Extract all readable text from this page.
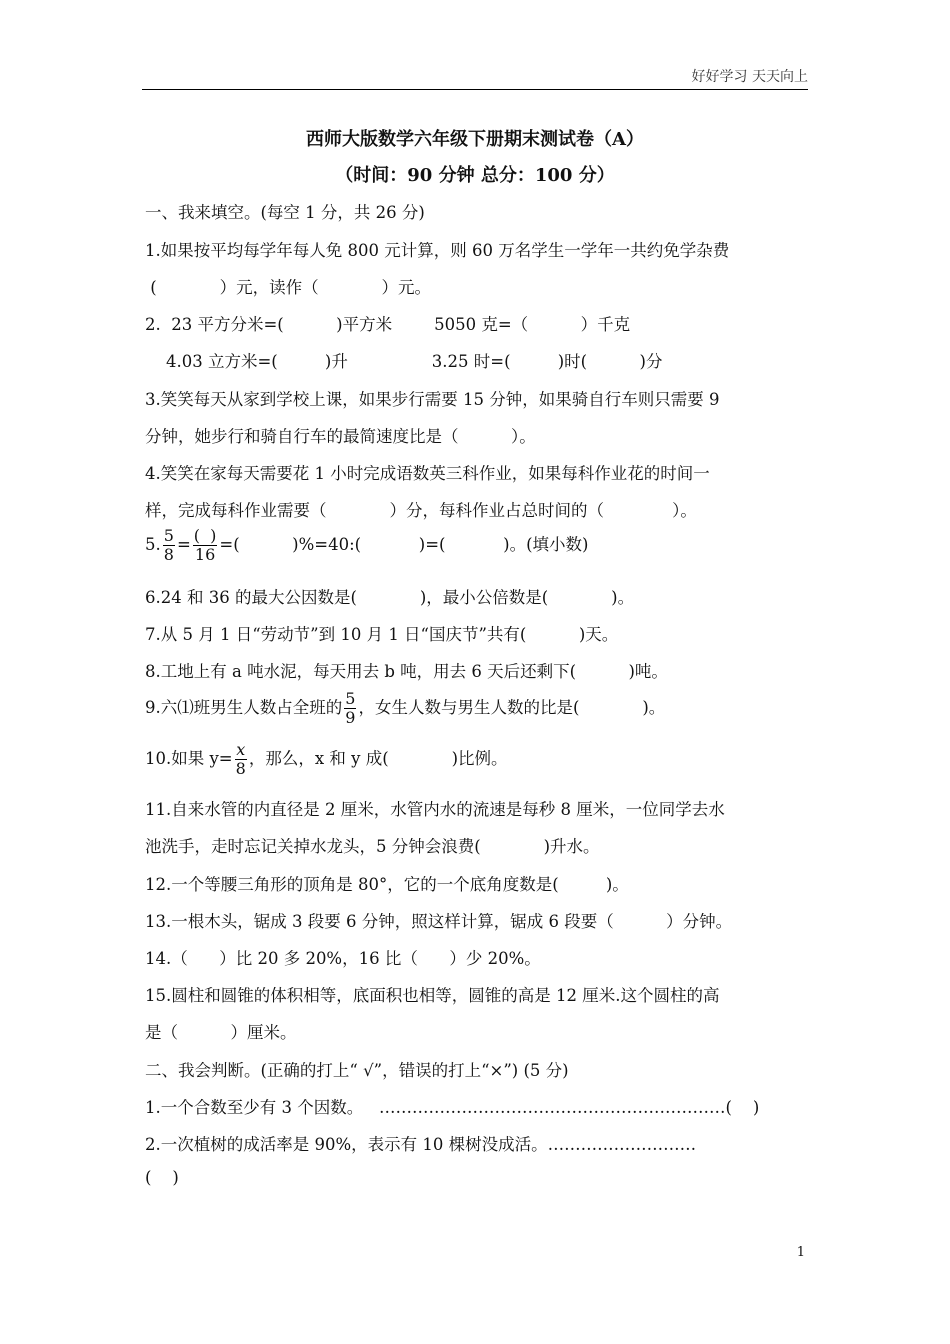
好好学习 天天向上
西师大版数学六年级下册期末测试卷（A）
（时间：90 分钟 总分：100 分）
一、我来填空。(每空 1 分，共 26 分)
1.如果按平均每学年每人免 800 元计算，则 60 万名学生一学年一共约免学杂费
(            ）元，读作（            ）元。
2.  23 平方分米=(          )平方米        5050 克=（          ）千克
4.03 立方米=(         )升                3.25 时=(         )时(          )分
3.笑笑每天从家到学校上课，如果步行需要 15 分钟，如果骑自行车则只需要 9
分钟，她步行和骑自行车的最简速度比是（          ）。
4.笑笑在家每天需要花 1 小时完成语数英三科作业，如果每科作业花的时间一
样，完成每科作业需要（            ）分，每科作业占总时间的（             ）。
5. $\frac{5}{8} = \frac{( )}{16}$ =(          )%=40:(           )=(           )。(填小数)
6.24 和 36 的最大公因数是(            )，最小公倍数是(            )。
7.从 5 月 1 日“劳动节”到 10 月 1 日“国庆节”共有(          )天。
8.工地上有 a 吨水泥，每天用去 b 吨，用去 6 天后还剩下(          )吨。
9.六⑴班男生人数占全班的 $\frac{5}{9}$ ，女生人数与男生人数的比是(            )。
10.如果 $y= \frac{x}{8}$ ，那么，x 和 y 成(            )比例。
11.自来水管的内直径是 2 厘米，水管内水的流速是每秒 8 厘米，一位同学去水
池洗手，走时忘记关掉水龙头，5 分钟会浪费(            )升水。
12.一个等腰三角形的顶角是 80°，它的一个底角度数是(         )。
13.一根木头，锯成 3 段要 6 分钟，照这样计算，锯成 6 段要（          ）分钟。
14.（      ）比 20 多 20%，16 比（      ）少 20%。
15.圆柱和圆锥的体积相等，底面积也相等，圆锥的高是 12 厘米.这个圆柱的高
是（          ）厘米。
二、我会判断。(正确的打上“ √”，错误的打上“×”) (5 分)
1.一个合数至少有 3 个因数。   ………………………………………………………(    )
2.一次植树的成活率是 90%，表示有 10 棵树没成活。………………………
(    )
1
